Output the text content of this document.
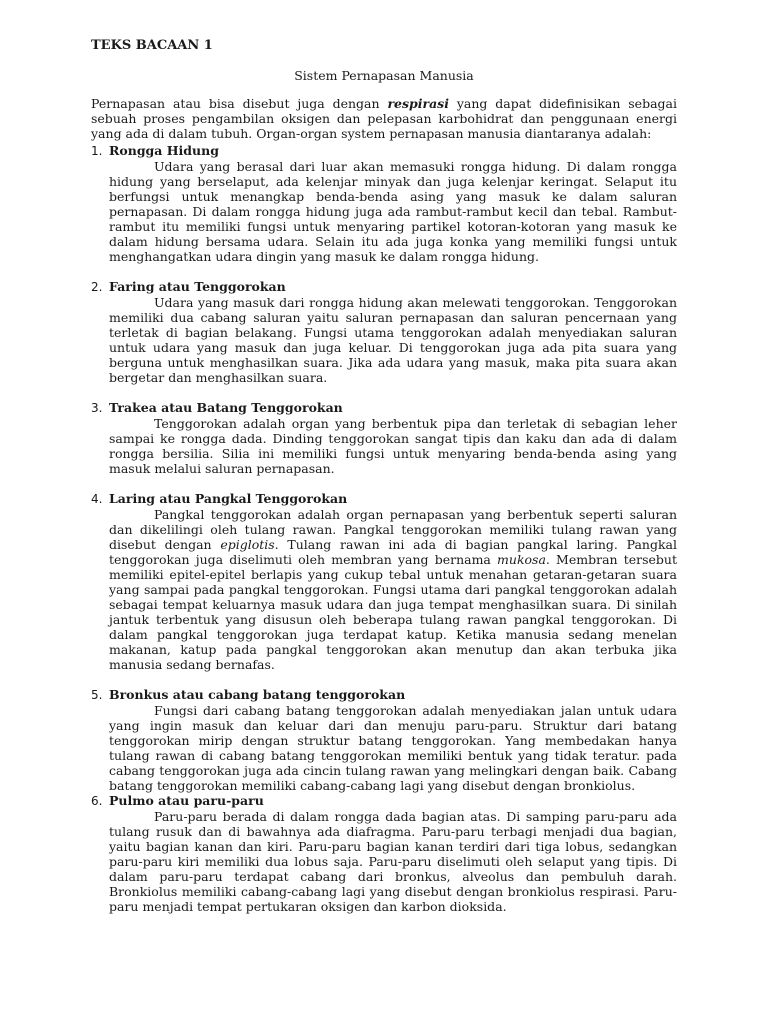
TEKS BACAAN 1

Sistem Pernapasan Manusia

Pernapasan atau bisa disebut juga dengan respirasi yang dapat didefinisikan sebagai sebuah proses pengambilan oksigen dan pelepasan karbohidrat dan penggunaan energi yang ada di dalam tubuh. Organ-organ system pernapasan manusia diantaranya adalah:

1. Rongga Hidung

Udara yang berasal dari luar akan memasuki rongga hidung. Di dalam rongga hidung yang berselaput, ada kelenjar minyak dan juga kelenjar keringat. Selaput itu berfungsi untuk menangkap benda-benda asing yang masuk ke dalam saluran pernapasan. Di dalam rongga hidung juga ada rambut-rambut kecil dan tebal. Rambut-rambut itu memiliki fungsi untuk menyaring partikel kotoran-kotoran yang masuk ke dalam hidung bersama udara. Selain itu ada juga konka yang memiliki fungsi untuk menghangatkan udara dingin yang masuk ke dalam rongga hidung.

2. Faring atau Tenggorokan

Udara yang masuk dari rongga hidung akan melewati tenggorokan. Tenggorokan memiliki dua cabang saluran yaitu saluran pernapasan dan saluran pencernaan yang terletak di bagian belakang. Fungsi utama tenggorokan adalah menyediakan saluran untuk udara yang masuk dan juga keluar. Di tenggorokan juga ada pita suara yang berguna untuk menghasilkan suara. Jika ada udara yang masuk, maka pita suara akan bergetar dan menghasilkan suara.

3. Trakea atau Batang Tenggorokan

Tenggorokan adalah organ yang berbentuk pipa dan terletak di sebagian leher sampai ke rongga dada. Dinding tenggorokan sangat tipis dan kaku dan ada di dalam rongga bersilia. Silia ini memiliki fungsi untuk menyaring benda-benda asing yang masuk melalui saluran pernapasan.

4. Laring atau Pangkal Tenggorokan

Pangkal tenggorokan adalah organ pernapasan yang berbentuk seperti saluran dan dikelilingi oleh tulang rawan. Pangkal tenggorokan memiliki tulang rawan yang disebut dengan epiglotis. Tulang rawan ini ada di bagian pangkal laring. Pangkal tenggorokan juga diselimuti oleh membran yang bernama mukosa. Membran tersebut memiliki epitel-epitel berlapis yang cukup tebal untuk menahan getaran-getaran suara yang sampai pada pangkal tenggorokan. Fungsi utama dari pangkal tenggorokan adalah sebagai tempat keluarnya masuk udara dan juga tempat menghasilkan suara. Di sinilah jantuk terbentuk yang disusun oleh beberapa tulang rawan pangkal tenggorokan. Di dalam pangkal tenggorokan juga terdapat katup. Ketika manusia sedang menelan makanan, katup pada pangkal tenggorokan akan menutup dan akan terbuka jika manusia sedang bernafas.

5. Bronkus atau cabang batang tenggorokan

Fungsi dari cabang batang tenggorokan adalah menyediakan jalan untuk udara yang ingin masuk dan keluar dari dan menuju paru-paru. Struktur dari batang tenggorokan mirip dengan struktur batang tenggorokan. Yang membedakan hanya tulang rawan di cabang batang tenggorokan memiliki bentuk yang tidak teratur. pada cabang tenggorokan juga ada cincin tulang rawan yang melingkari dengan baik. Cabang batang tenggorokan memiliki cabang-cabang lagi yang disebut dengan bronkiolus.

6. Pulmo atau paru-paru

Paru-paru berada di dalam rongga dada bagian atas. Di samping paru-paru ada tulang rusuk dan di bawahnya ada diafragma. Paru-paru terbagi menjadi dua bagian, yaitu bagian kanan dan kiri. Paru-paru bagian kanan terdiri dari tiga lobus, sedangkan paru-paru kiri memiliki dua lobus saja. Paru-paru diselimuti oleh selaput yang tipis. Di dalam paru-paru terdapat cabang dari bronkus, alveolus dan pembuluh darah. Bronkiolus memiliki cabang-cabang lagi yang disebut dengan bronkiolus respirasi. Paru-paru menjadi tempat pertukaran oksigen dan karbon dioksida.
